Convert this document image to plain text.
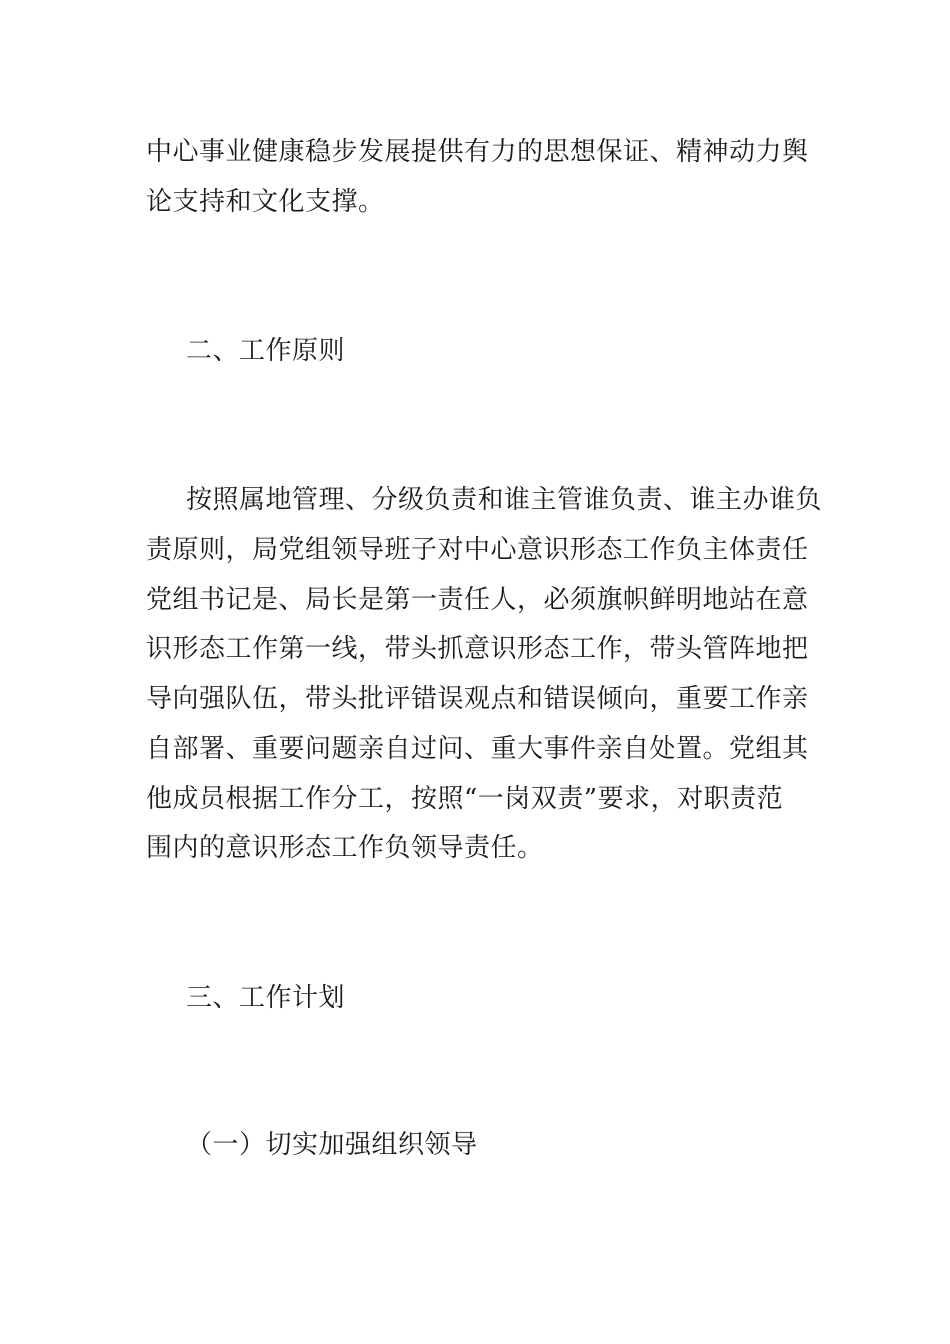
中心事业健康稳步发展提供有力的思想保证、精神动力舆
论支持和文化支撑。
二、工作原则
按照属地管理、分级负责和谁主管谁负责、谁主办谁负
责原则，局党组领导班子对中心意识形态工作负主体责任
党组书记是、局长是第一责任人，必须旗帜鲜明地站在意
识形态工作第一线，带头抓意识形态工作，带头管阵地把
导向强队伍，带头批评错误观点和错误倾向，重要工作亲
自部署、重要问题亲自过问、重大事件亲自处置。党组其
他成员根据工作分工，按照“一岗双责”要求，对职责范
围内的意识形态工作负领导责任。
三、工作计划
（一）切实加强组织领导
